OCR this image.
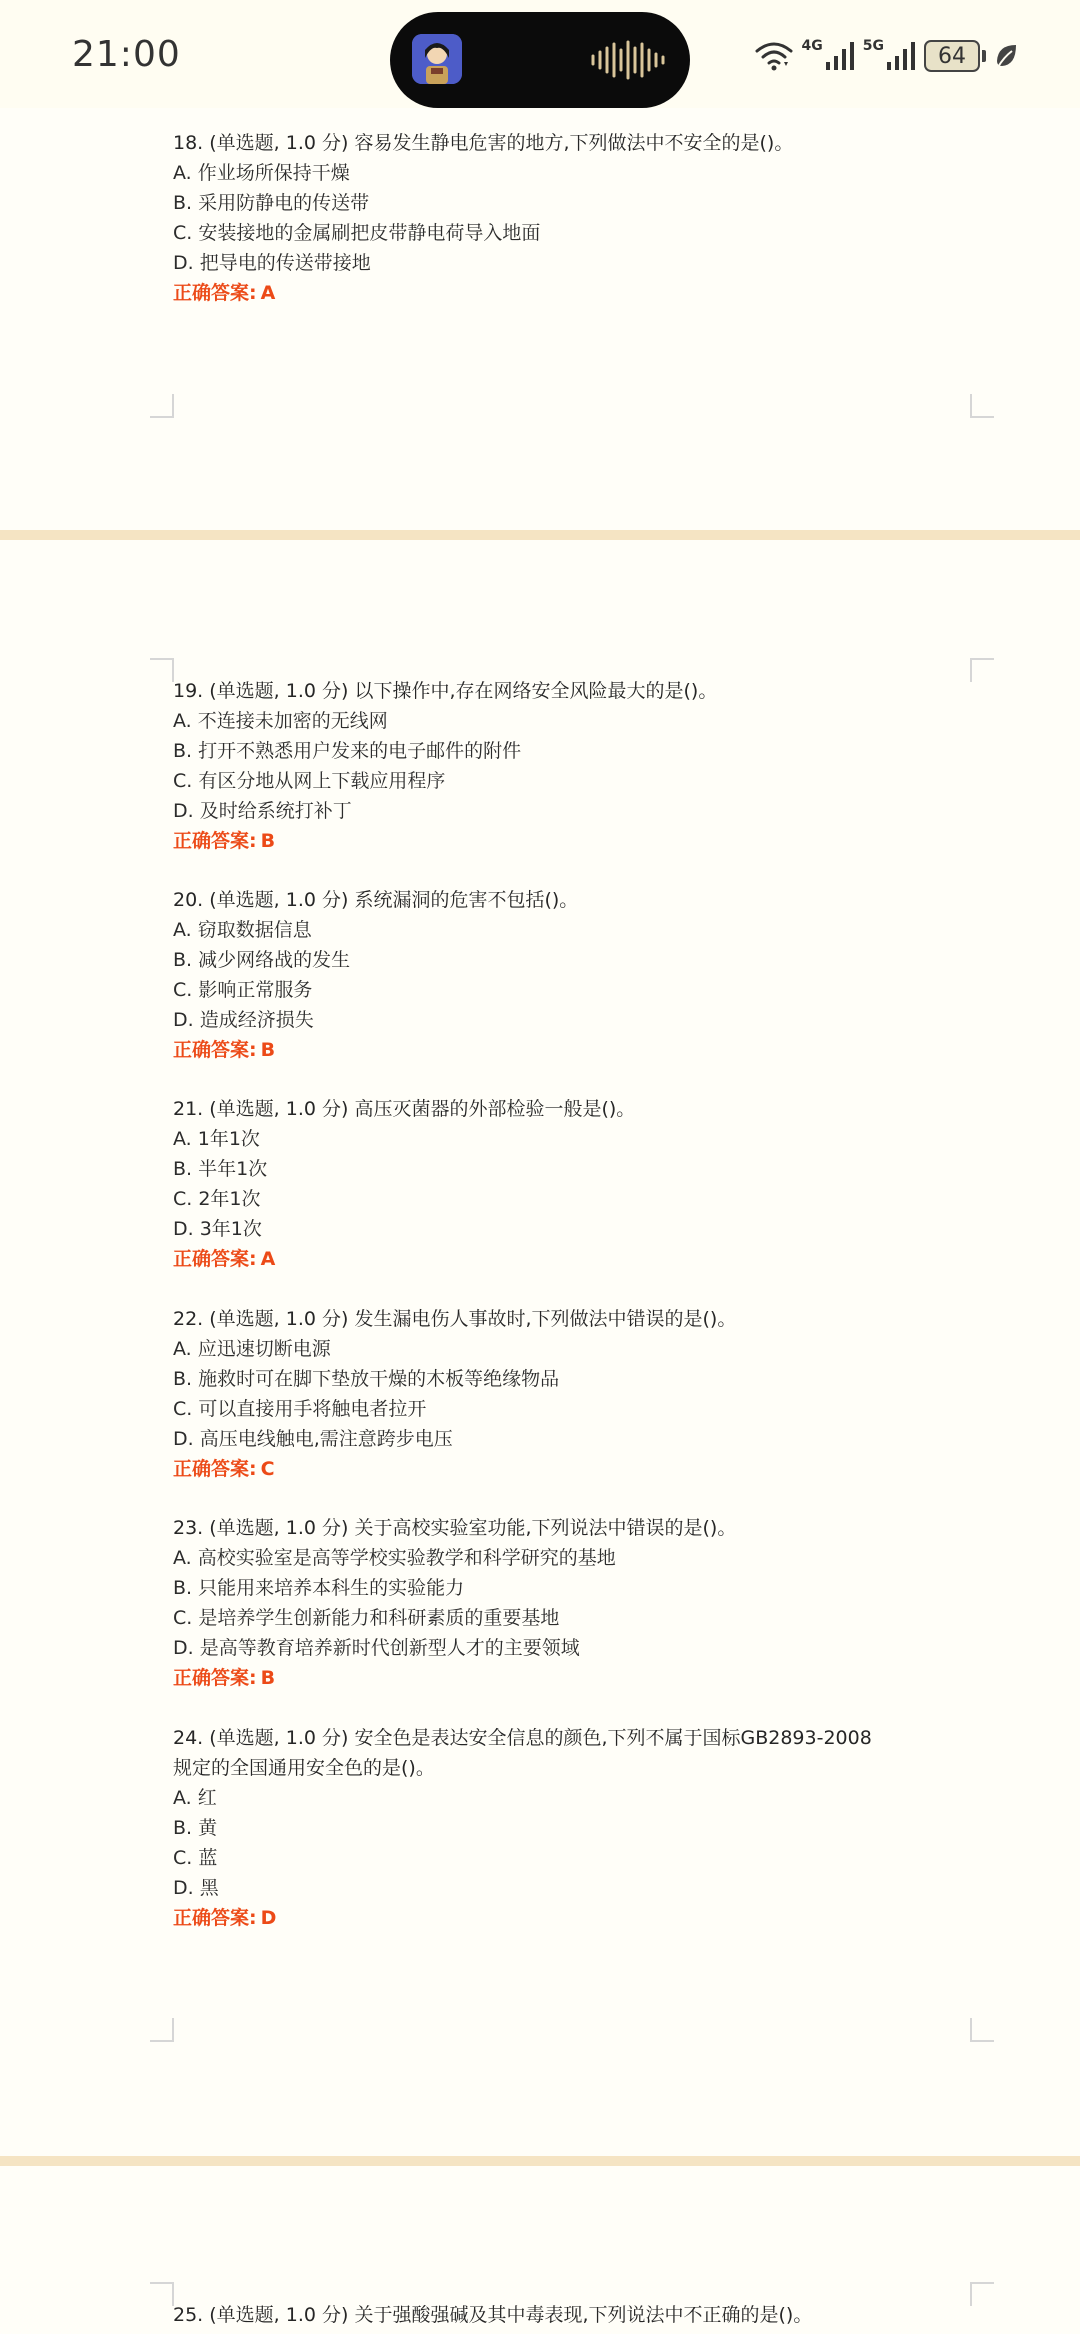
21:00	4G	5G 64
18. (单选题, 1.0 分) 容易发生静电危害的地方,下列做法中不安全的是()。
A. 作业场所保持干燥
B. 采用防静电的传送带
C. 安装接地的金属刷把皮带静电荷导入地面
D. 把导电的传送带接地
正确答案: A
19. (单选题, 1.0 分) 以下操作中,存在网络安全风险最大的是()。
A. 不连接未加密的无线网
B. 打开不熟悉用户发来的电子邮件的附件
C. 有区分地从网上下载应用程序
D. 及时给系统打补丁
正确答案: B
20. (单选题, 1.0 分) 系统漏洞的危害不包括()。
A. 窃取数据信息
B. 减少网络战的发生
C. 影响正常服务
D. 造成经济损失
正确答案: B
21. (单选题, 1.0 分) 高压灭菌器的外部检验一般是()。
A. 1年1次
B. 半年1次
C. 2年1次
D. 3年1次
正确答案: A
22. (单选题, 1.0 分) 发生漏电伤人事故时,下列做法中错误的是()。
A. 应迅速切断电源
B. 施救时可在脚下垫放干燥的木板等绝缘物品
C. 可以直接用手将触电者拉开
D. 高压电线触电,需注意跨步电压
正确答案: C
23. (单选题, 1.0 分) 关于高校实验室功能,下列说法中错误的是()。
A. 高校实验室是高等学校实验教学和科学研究的基地
B. 只能用来培养本科生的实验能力
C. 是培养学生创新能力和科研素质的重要基地
D. 是高等教育培养新时代创新型人才的主要领域
正确答案: B
24. (单选题, 1.0 分) 安全色是表达安全信息的颜色,下列不属于国标GB2893-2008
规定的全国通用安全色的是()。
A. 红
B. 黄
C. 蓝
D. 黑
正确答案: D
25. (单选题, 1.0 分) 关于强酸强碱及其中毒表现,下列说法中不正确的是()。
